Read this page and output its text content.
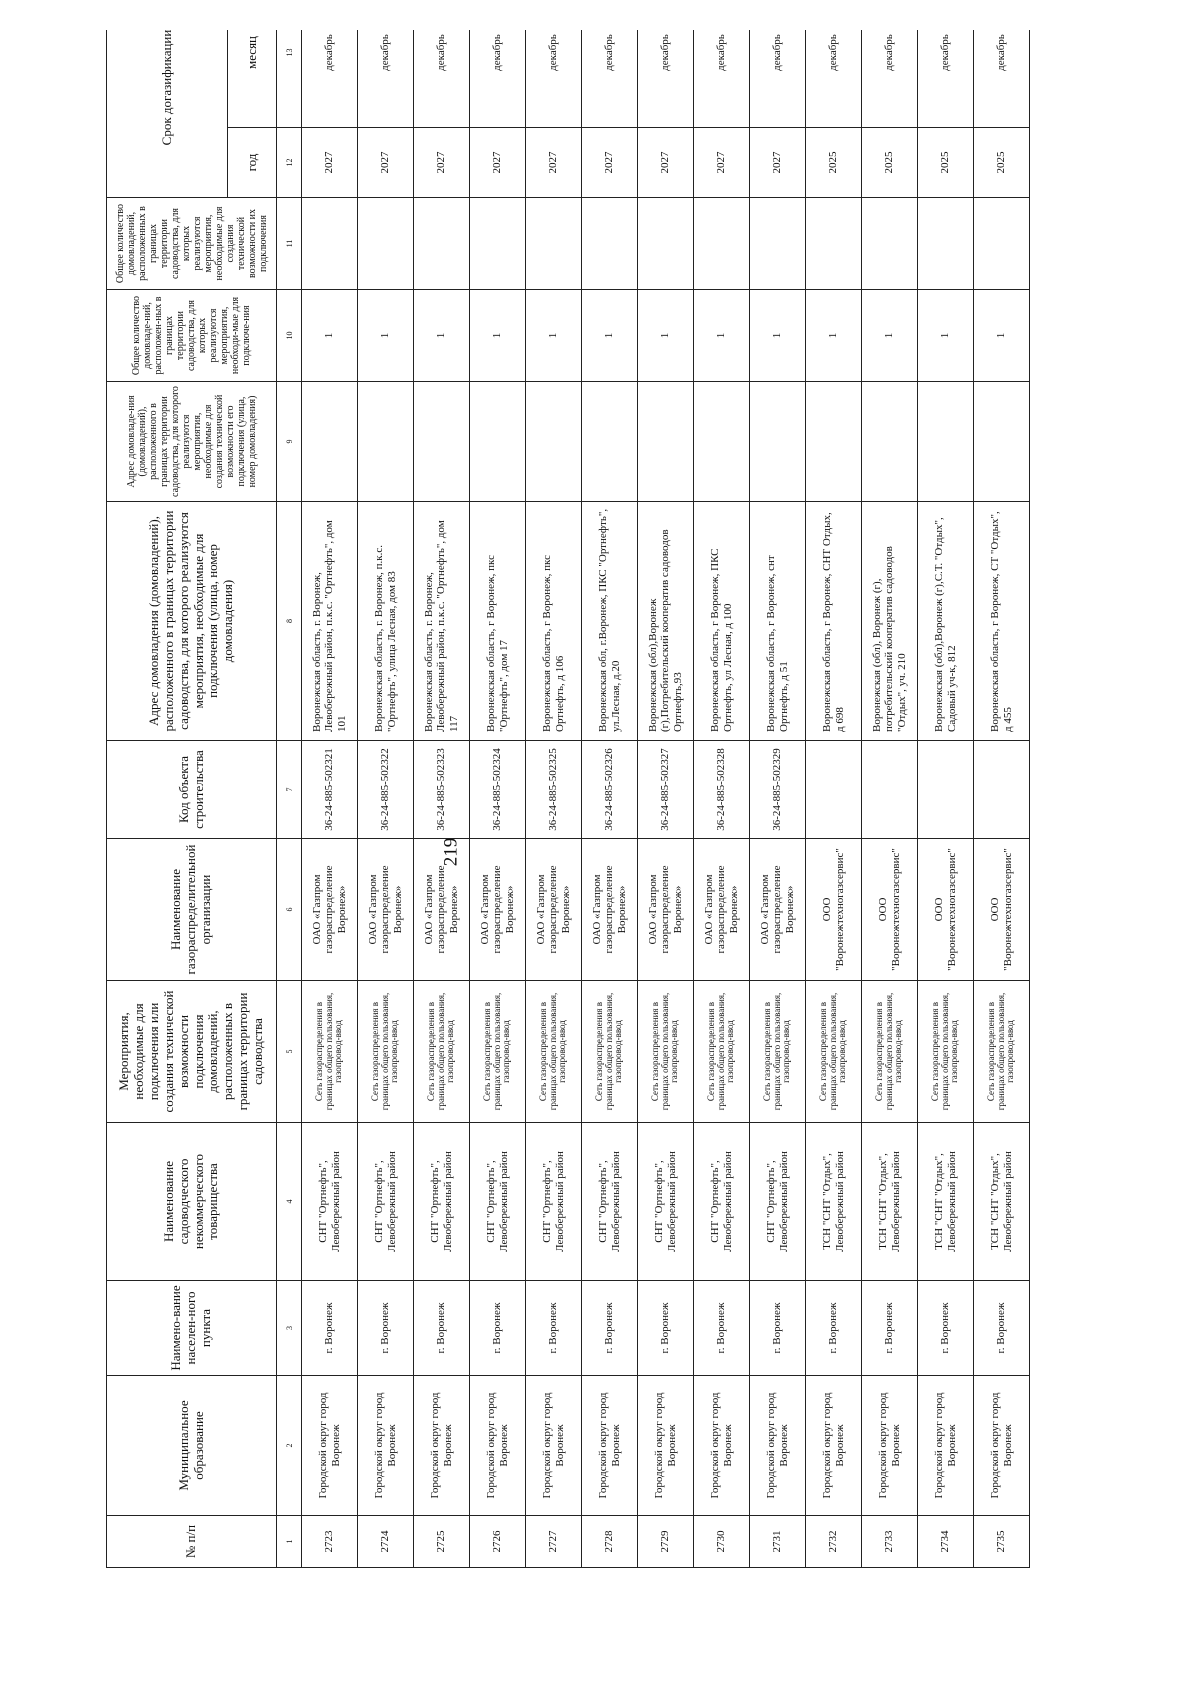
219
№ п/п	Муниципальное образование	Наимено-вание населен-ного пункта	Наименование садоводческого некоммерческого товарищества	Мероприятия, необходимые для подключения или создания технической возможности подключения домовладений, расположенных в границах территории садоводства	Наименование газораспределительной организации	Код объекта строительства	Адрес домовладения (домовладений), расположенного в границах территории садоводства, для которого реализуются мероприятия, необходимые для подключения (улица, номер домовладения)	Адрес домовладе-ния (домовладений), расположенного в границах территории садоводства, для которого реализуются мероприятия, необходимые для создания технической возможности его подключения (улица, номер домовладения)	Общее количество домовладе-ний, расположен-ных в границах территории садоводства, для которых реализуются мероприятия, необходи-мые для подключе-ния	Общее количество домовладений, расположенных в границах территории садоводства, для которых реализуются мероприятия, необходимые для создания технической возможности их подключения	Срок догазификации	
											год	месяц
1	2	3	4	5	6	7	8	9	10	11	12	13
2723	Городской округ город Воронеж	г. Воронеж	СНТ "Ортнефть", Левобережный район	Сеть газораспределения в границах общего пользования, газопровод-ввод	ОАО «Газпром газораспределение Воронеж»	36-24-885-502321	Воронежская область, г. Воронеж, Левобережный район, п.к.с. "Ортнефть", дом 101		1		2027	декабрь
2724	Городской округ город Воронеж	г. Воронеж	СНТ "Ортнефть", Левобережный район	Сеть газораспределения в границах общего пользования, газопровод-ввод	ОАО «Газпром газораспределение Воронеж»	36-24-885-502322	Воронежская область, г. Воронеж, п.к.с. "Ортнефть", улица Лесная, дом 83		1		2027	декабрь
2725	Городской округ город Воронеж	г. Воронеж	СНТ "Ортнефть", Левобережный район	Сеть газораспределения в границах общего пользования, газопровод-ввод	ОАО «Газпром газораспределение Воронеж»	36-24-885-502323	Воронежская область, г. Воронеж, Левобережный район, п.к.с. "Ортнефть", дом 117		1		2027	декабрь
2726	Городской округ город Воронеж	г. Воронеж	СНТ "Ортнефть", Левобережный район	Сеть газораспределения в границах общего пользования, газопровод-ввод	ОАО «Газпром газораспределение Воронеж»	36-24-885-502324	Воронежская область, г Воронеж, пкс "Ортнефть", дом 17		1		2027	декабрь
2727	Городской округ город Воронеж	г. Воронеж	СНТ "Ортнефть", Левобережный район	Сеть газораспределения в границах общего пользования, газопровод-ввод	ОАО «Газпром газораспределение Воронеж»	36-24-885-502325	Воронежская область, г Воронеж, пкс Ортнефть, д 106		1		2027	декабрь
2728	Городской округ город Воронеж	г. Воронеж	СНТ "Ортнефть", Левобережный район	Сеть газораспределения в границах общего пользования, газопровод-ввод	ОАО «Газпром газораспределение Воронеж»	36-24-885-502326	Воронежская обл, г.Воронеж, ПКС "Ортнефть", ул.Лесная, д.20		1		2027	декабрь
2729	Городской округ город Воронеж	г. Воронеж	СНТ "Ортнефть", Левобережный район	Сеть газораспределения в границах общего пользования, газопровод-ввод	ОАО «Газпром газораспределение Воронеж»	36-24-885-502327	Воронежская (обл),Воронеж (г),Потребительский кооператив садоводов Ортнефть,93		1		2027	декабрь
2730	Городской округ город Воронеж	г. Воронеж	СНТ "Ортнефть", Левобережный район	Сеть газораспределения в границах общего пользования, газопровод-ввод	ОАО «Газпром газораспределение Воронеж»	36-24-885-502328	Воронежская область, г Воронеж, ПКС Ортнефть, ул Лесная, д 100		1		2027	декабрь
2731	Городской округ город Воронеж	г. Воронеж	СНТ "Ортнефть", Левобережный район	Сеть газораспределения в границах общего пользования, газопровод-ввод	ОАО «Газпром газораспределение Воронеж»	36-24-885-502329	Воронежская область, г Воронеж, снт Ортнефть, д 51		1		2027	декабрь
2732	Городской округ город Воронеж	г. Воронеж	ТСН "СНТ "Отдых", Левобережный район	Сеть газораспределения в границах общего пользования, газопровод-ввод	ООО "Воронежтехногазсервис"		Воронежская область, г Воронеж, СНТ Отдых, д 698		1		2025	декабрь
2733	Городской округ город Воронеж	г. Воронеж	ТСН "СНТ "Отдых", Левобережный район	Сеть газораспределения в границах общего пользования, газопровод-ввод	ООО "Воронежтехногазсервис"		Воронежская (обл), Воронеж (г), потребительский кооператив садоводов "Отдых", уч. 210		1		2025	декабрь
2734	Городской округ город Воронеж	г. Воронеж	ТСН "СНТ "Отдых", Левобережный район	Сеть газораспределения в границах общего пользования, газопровод-ввод	ООО "Воронежтехногазсервис"		Воронежская (обл),Воронеж (г),С.Т. "Отдых", Садовый уч-к, 812		1		2025	декабрь
2735	Городской округ город Воронеж	г. Воронеж	ТСН "СНТ "Отдых", Левобережный район	Сеть газораспределения в границах общего пользования, газопровод-ввод	ООО "Воронежтехногазсервис"		Воронежская область, г Воронеж, СТ "Отдых", д 455		1		2025	декабрь
